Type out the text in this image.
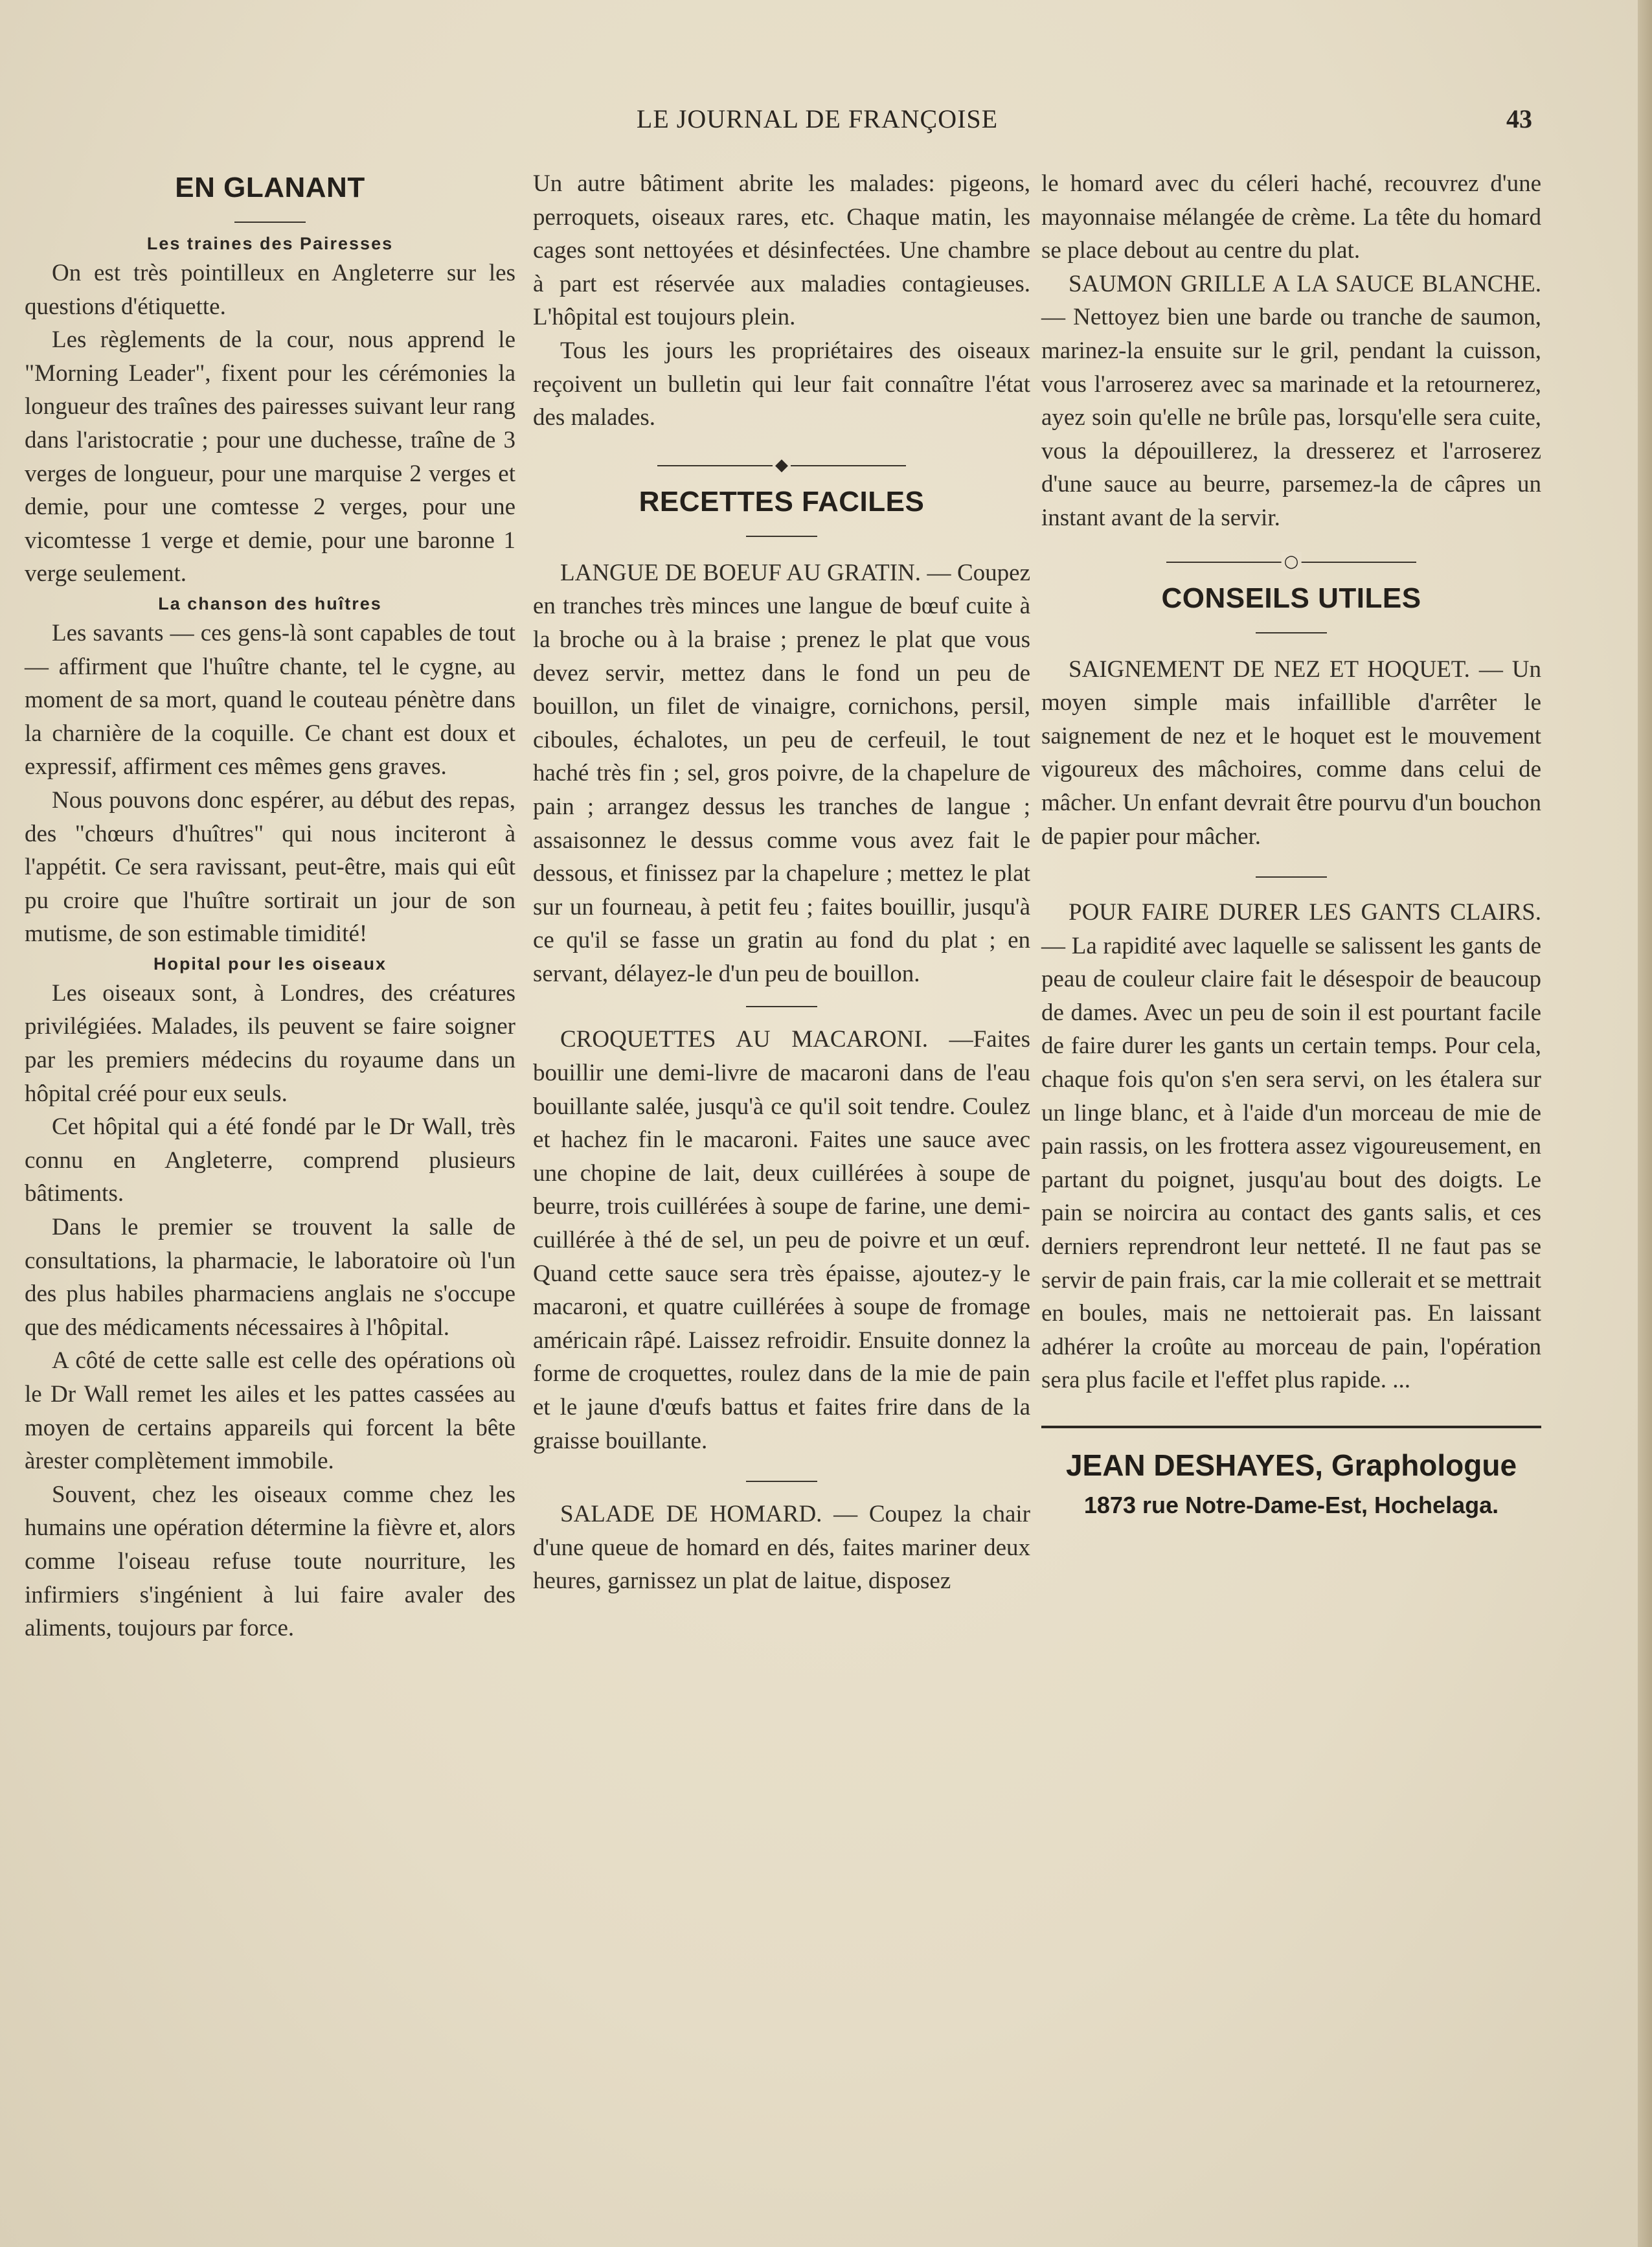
LE JOURNAL DE FRANÇOISE	43
EN GLANANT
Les traines des Pairesses

On est très pointilleux en Angleterre sur les questions d'étiquette.

Les règlements de la cour, nous apprend le "Morning Leader", fixent pour les cérémonies la longueur des traînes des pairesses suivant leur rang dans l'aristocratie ; pour une duchesse, traîne de 3 verges de longueur, pour une marquise 2 verges et demie, pour une comtesse 2 verges, pour une vicomtesse 1 verge et demie, pour une baronne 1 verge seulement.

La chanson des huîtres

Les savants — ces gens-là sont capables de tout — affirment que l'huître chante, tel le cygne, au moment de sa mort, quand le couteau pénètre dans la charnière de la coquille. Ce chant est doux et expressif, affirment ces mêmes gens graves.

Nous pouvons donc espérer, au début des repas, des "chœurs d'huîtres" qui nous inciteront à l'appétit. Ce sera ravissant, peut-être, mais qui eût pu croire que l'huître sortirait un jour de son mutisme, de son estimable timidité!

Hopital pour les oiseaux

Les oiseaux sont, à Londres, des créatures privilégiées. Malades, ils peuvent se faire soigner par les premiers médecins du royaume dans un hôpital créé pour eux seuls.

Cet hôpital qui a été fondé par le Dr Wall, très connu en Angleterre, comprend plusieurs bâtiments.

Dans le premier se trouvent la salle de consultations, la pharmacie, le laboratoire où l'un des plus habiles pharmaciens anglais ne s'occupe que des médicaments nécessaires à l'hôpital.

A côté de cette salle est celle des opérations où le Dr Wall remet les ailes et les pattes cassées au moyen de certains appareils qui forcent la bête àrester complètement immobile.

Souvent, chez les oiseaux comme chez les humains une opération détermine la fièvre et, alors comme l'oiseau refuse toute nourriture, les infirmiers s'ingénient à lui faire avaler des aliments, toujours par force.

Un autre bâtiment abrite les malades: pigeons, perroquets, oiseaux rares, etc. Chaque matin, les cages sont nettoyées et désinfectées. Une chambre à part est réservée aux maladies contagieuses. L'hôpital est toujours plein.

Tous les jours les propriétaires des oiseaux reçoivent un bulletin qui leur fait connaître l'état des malades.

◆
RECETTES FACILES

LANGUE DE BOEUF AU GRATIN. — Coupez en tranches très minces une langue de bœuf cuite à la broche ou à la braise ; prenez le plat que vous devez servir, mettez dans le fond un peu de bouillon, un filet de vinaigre, cornichons, persil, ciboules, échalotes, un peu de cerfeuil, le tout haché très fin ; sel, gros poivre, de la chapelure de pain ; arrangez dessus les tranches de langue ; assaisonnez le dessus comme vous avez fait le dessous, et finissez par la chapelure ; mettez le plat sur un fourneau, à petit feu ; faites bouillir, jusqu'à ce qu'il se fasse un gratin au fond du plat ; en servant, délayez-le d'un peu de bouillon.

CROQUETTES AU MACARONI. —Faites bouillir une demi-livre de macaroni dans de l'eau bouillante salée, jusqu'à ce qu'il soit tendre. Coulez et hachez fin le macaroni. Faites une sauce avec une chopine de lait, deux cuillérées à soupe de beurre, trois cuillérées à soupe de farine, une demi-cuillérée à thé de sel, un peu de poivre et un œuf. Quand cette sauce sera très épaisse, ajoutez-y le macaroni, et quatre cuillérées à soupe de fromage américain râpé. Laissez refroidir. Ensuite donnez la forme de croquettes, roulez dans de la mie de pain et le jaune d'œufs battus et faites frire dans de la graisse bouillante.

SALADE DE HOMARD. — Coupez la chair d'une queue de homard en dés, faites mariner deux heures, garnissez un plat de laitue, disposez

le homard avec du céleri haché, recouvrez d'une mayonnaise mélangée de crème. La tête du homard se place debout au centre du plat.

SAUMON GRILLE A LA SAUCE BLANCHE. — Nettoyez bien une barde ou tranche de saumon, marinez-la ensuite sur le gril, pendant la cuisson, vous l'arroserez avec sa marinade et la retournerez, ayez soin qu'elle ne brûle pas, lorsqu'elle sera cuite, vous la dépouillerez, la dresserez et l'arroserez d'une sauce au beurre, parsemez-la de câpres un instant avant de la servir.

○
CONSEILS UTILES

SAIGNEMENT DE NEZ ET HOQUET. — Un moyen simple mais infaillible d'arrêter le saignement de nez et le hoquet est le mouvement vigoureux des mâchoires, comme dans celui de mâcher. Un enfant devrait être pourvu d'un bouchon de papier pour mâcher.

POUR FAIRE DURER LES GANTS CLAIRS. — La rapidité avec laquelle se salissent les gants de peau de couleur claire fait le désespoir de beaucoup de dames. Avec un peu de soin il est pourtant facile de faire durer les gants un certain temps. Pour cela, chaque fois qu'on s'en sera servi, on les étalera sur un linge blanc, et à l'aide d'un morceau de mie de pain rassis, on les frottera assez vigoureusement, en partant du poignet, jusqu'au bout des doigts. Le pain se noircira au contact des gants salis, et ces derniers reprendront leur netteté. Il ne faut pas se servir de pain frais, car la mie collerait et se mettrait en boules, mais ne nettoierait pas. En laissant adhérer la croûte au morceau de pain, l'opération sera plus facile et l'effet plus rapide. ...

JEAN DESHAYES, Graphologue
1873 rue Notre-Dame-Est, Hochelaga.
